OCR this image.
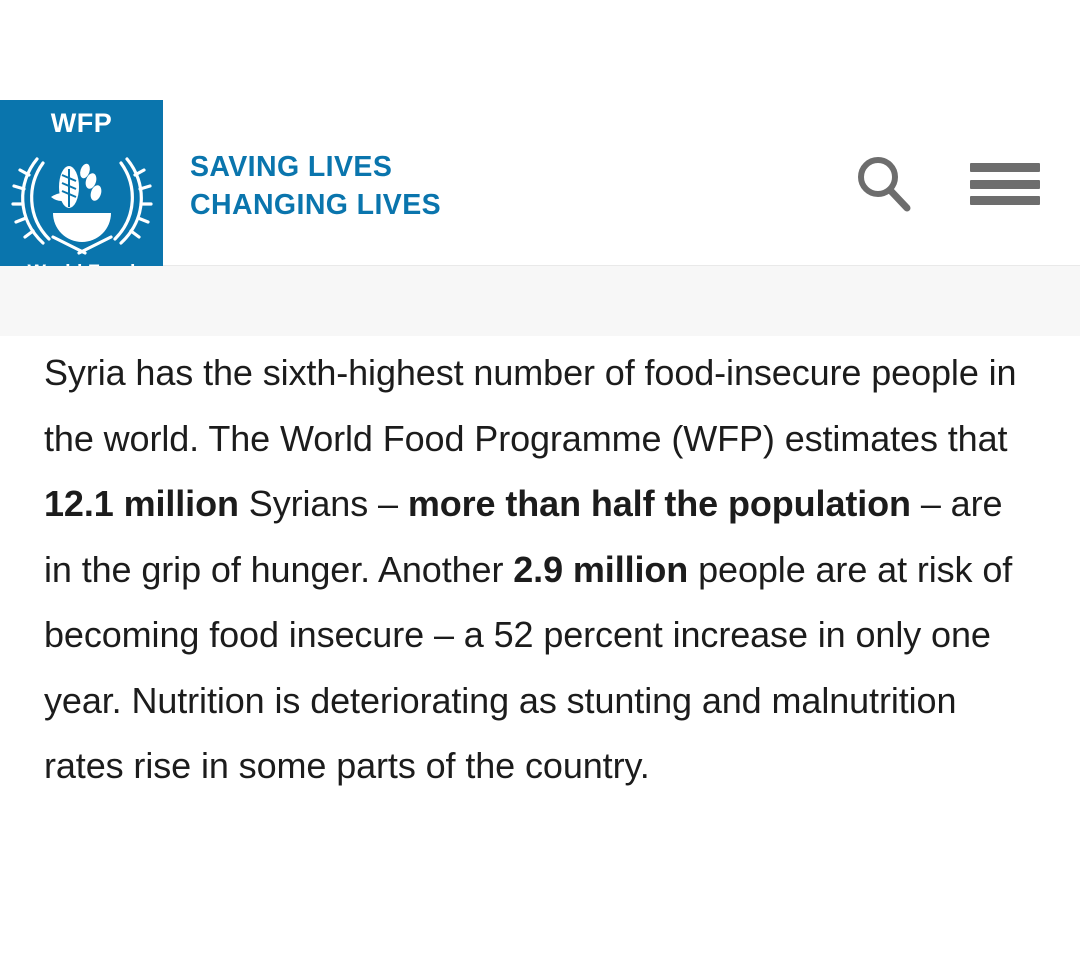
WFP
SAVING LIVES
CHANGING LIVES

Syria has the sixth-highest number of food-insecure people in the world. The World Food Programme (WFP) estimates that 12.1 million Syrians – more than half the population – are in the grip of hunger. Another 2.9 million people are at risk of becoming food insecure – a 52 percent increase in only one year. Nutrition is deteriorating as stunting and malnutrition rates rise in some parts of the country.
